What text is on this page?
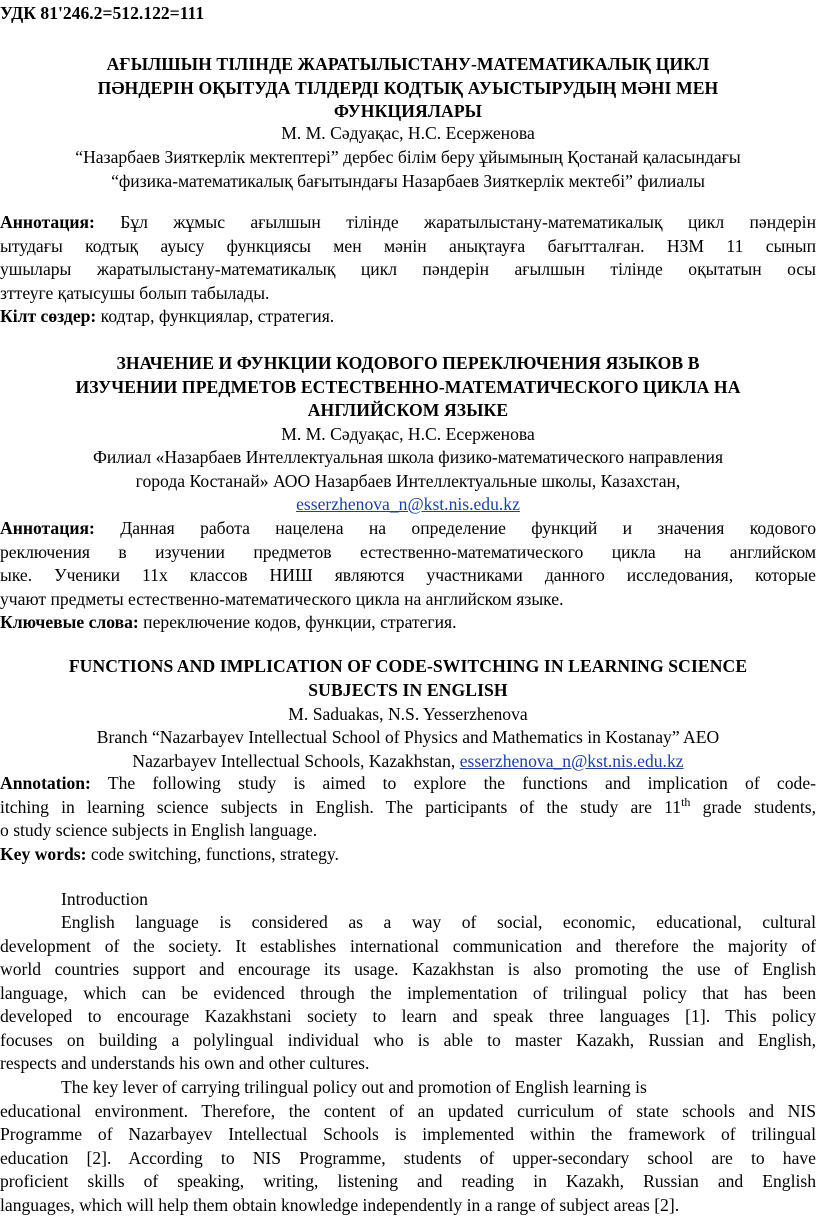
УДК 81'246.2=512.122=111
АҒЫЛШЫН ТІЛІНДЕ ЖАРАТЫЛЫСТАНУ-МАТЕМАТИКАЛЫҚ ЦИКЛ
ПӘНДЕРІН ОҚЫТУДА ТІЛДЕРДІ КОДТЫҚ АУЫСТЫРУДЫҢ МӘНІ МЕН
ФУНКЦИЯЛАРЫ
М. М. Сәдуақас, Н.С. Есерженова
“Назарбаев Зияткерлік мектептері” дербес білім беру ұйымының Қостанай қаласындағы
“физика-математикалық бағытындағы Назарбаев Зияткерлік мектебі” филиалы
Аннотация: Бұл жұмыс ағылшын тілінде жаратылыстану-математикалық цикл пәндерін
ытудағы кодтық ауысу функциясы мен мәнін анықтауға бағытталған. НЗМ 11 сынып
ушылары жаратылыстану-математикалық цикл пәндерін ағылшын тілінде оқытатын осы
зттеуге қатысушы болып табылады.
Кілт сөздер: кодтар, функциялар, стратегия.
ЗНАЧЕНИЕ И ФУНКЦИИ КОДОВОГО ПЕРЕКЛЮЧЕНИЯ ЯЗЫКОВ В
ИЗУЧЕНИИ ПРЕДМЕТОВ ЕСТЕСТВЕННО-МАТЕМАТИЧЕСКОГО ЦИКЛА НА
АНГЛИЙСКОМ ЯЗЫКЕ
М. М. Сәдуақас, Н.С. Есерженова
Филиал «Назарбаев Интеллектуальная школа физико-математического направления
города Костанай» АОО Назарбаев Интеллектуальные школы, Казахстан,
esserzhenova_n@kst.nis.edu.kz
Аннотация: Данная работа нацелена на определение функций и значения кодового
реключения в изучении предметов естественно-математического цикла на английском
ыке. Ученики 11х классов НИШ являются участниками данного исследования, которые
учают предметы естественно-математического цикла на английском языке.
Ключевые слова: переключение кодов, функции, стратегия.
FUNCTIONS AND IMPLICATION OF CODE-SWITCHING IN LEARNING SCIENCE
SUBJECTS IN ENGLISH
M. Saduakas, N.S. Yesserzhenova
Branch “Nazarbayev Intellectual School of Physics and Mathematics in Kostanay” AEO
Nazarbayev Intellectual Schools, Kazakhstan, esserzhenova_n@kst.nis.edu.kz
Annotation: The following study is aimed to explore the functions and implication of code-
itching in learning science subjects in English. The participants of the study are 11th grade students,
o study science subjects in English language.
Key words: code switching, functions, strategy.
Introduction
English language is considered as a way of social, economic, educational, cultural
development of the society. It establishes international communication and therefore the majority of
world countries support and encourage its usage. Kazakhstan is also promoting the use of English
language, which can be evidenced through the implementation of trilingual policy that has been
developed to encourage Kazakhstani society to learn and speak three languages [1]. This policy
focuses on building a polylingual individual who is able to master Kazakh, Russian and English,
respects and understands his own and other cultures.
The key lever of carrying trilingual policy out and promotion of English learning is
educational environment. Therefore, the content of an updated curriculum of state schools and NIS
Programme of Nazarbayev Intellectual Schools is implemented within the framework of trilingual
education [2]. According to NIS Programme, students of upper-secondary school are to have
proficient skills of speaking, writing, listening and reading in Kazakh, Russian and English
languages, which will help them obtain knowledge independently in a range of subject areas [2].
